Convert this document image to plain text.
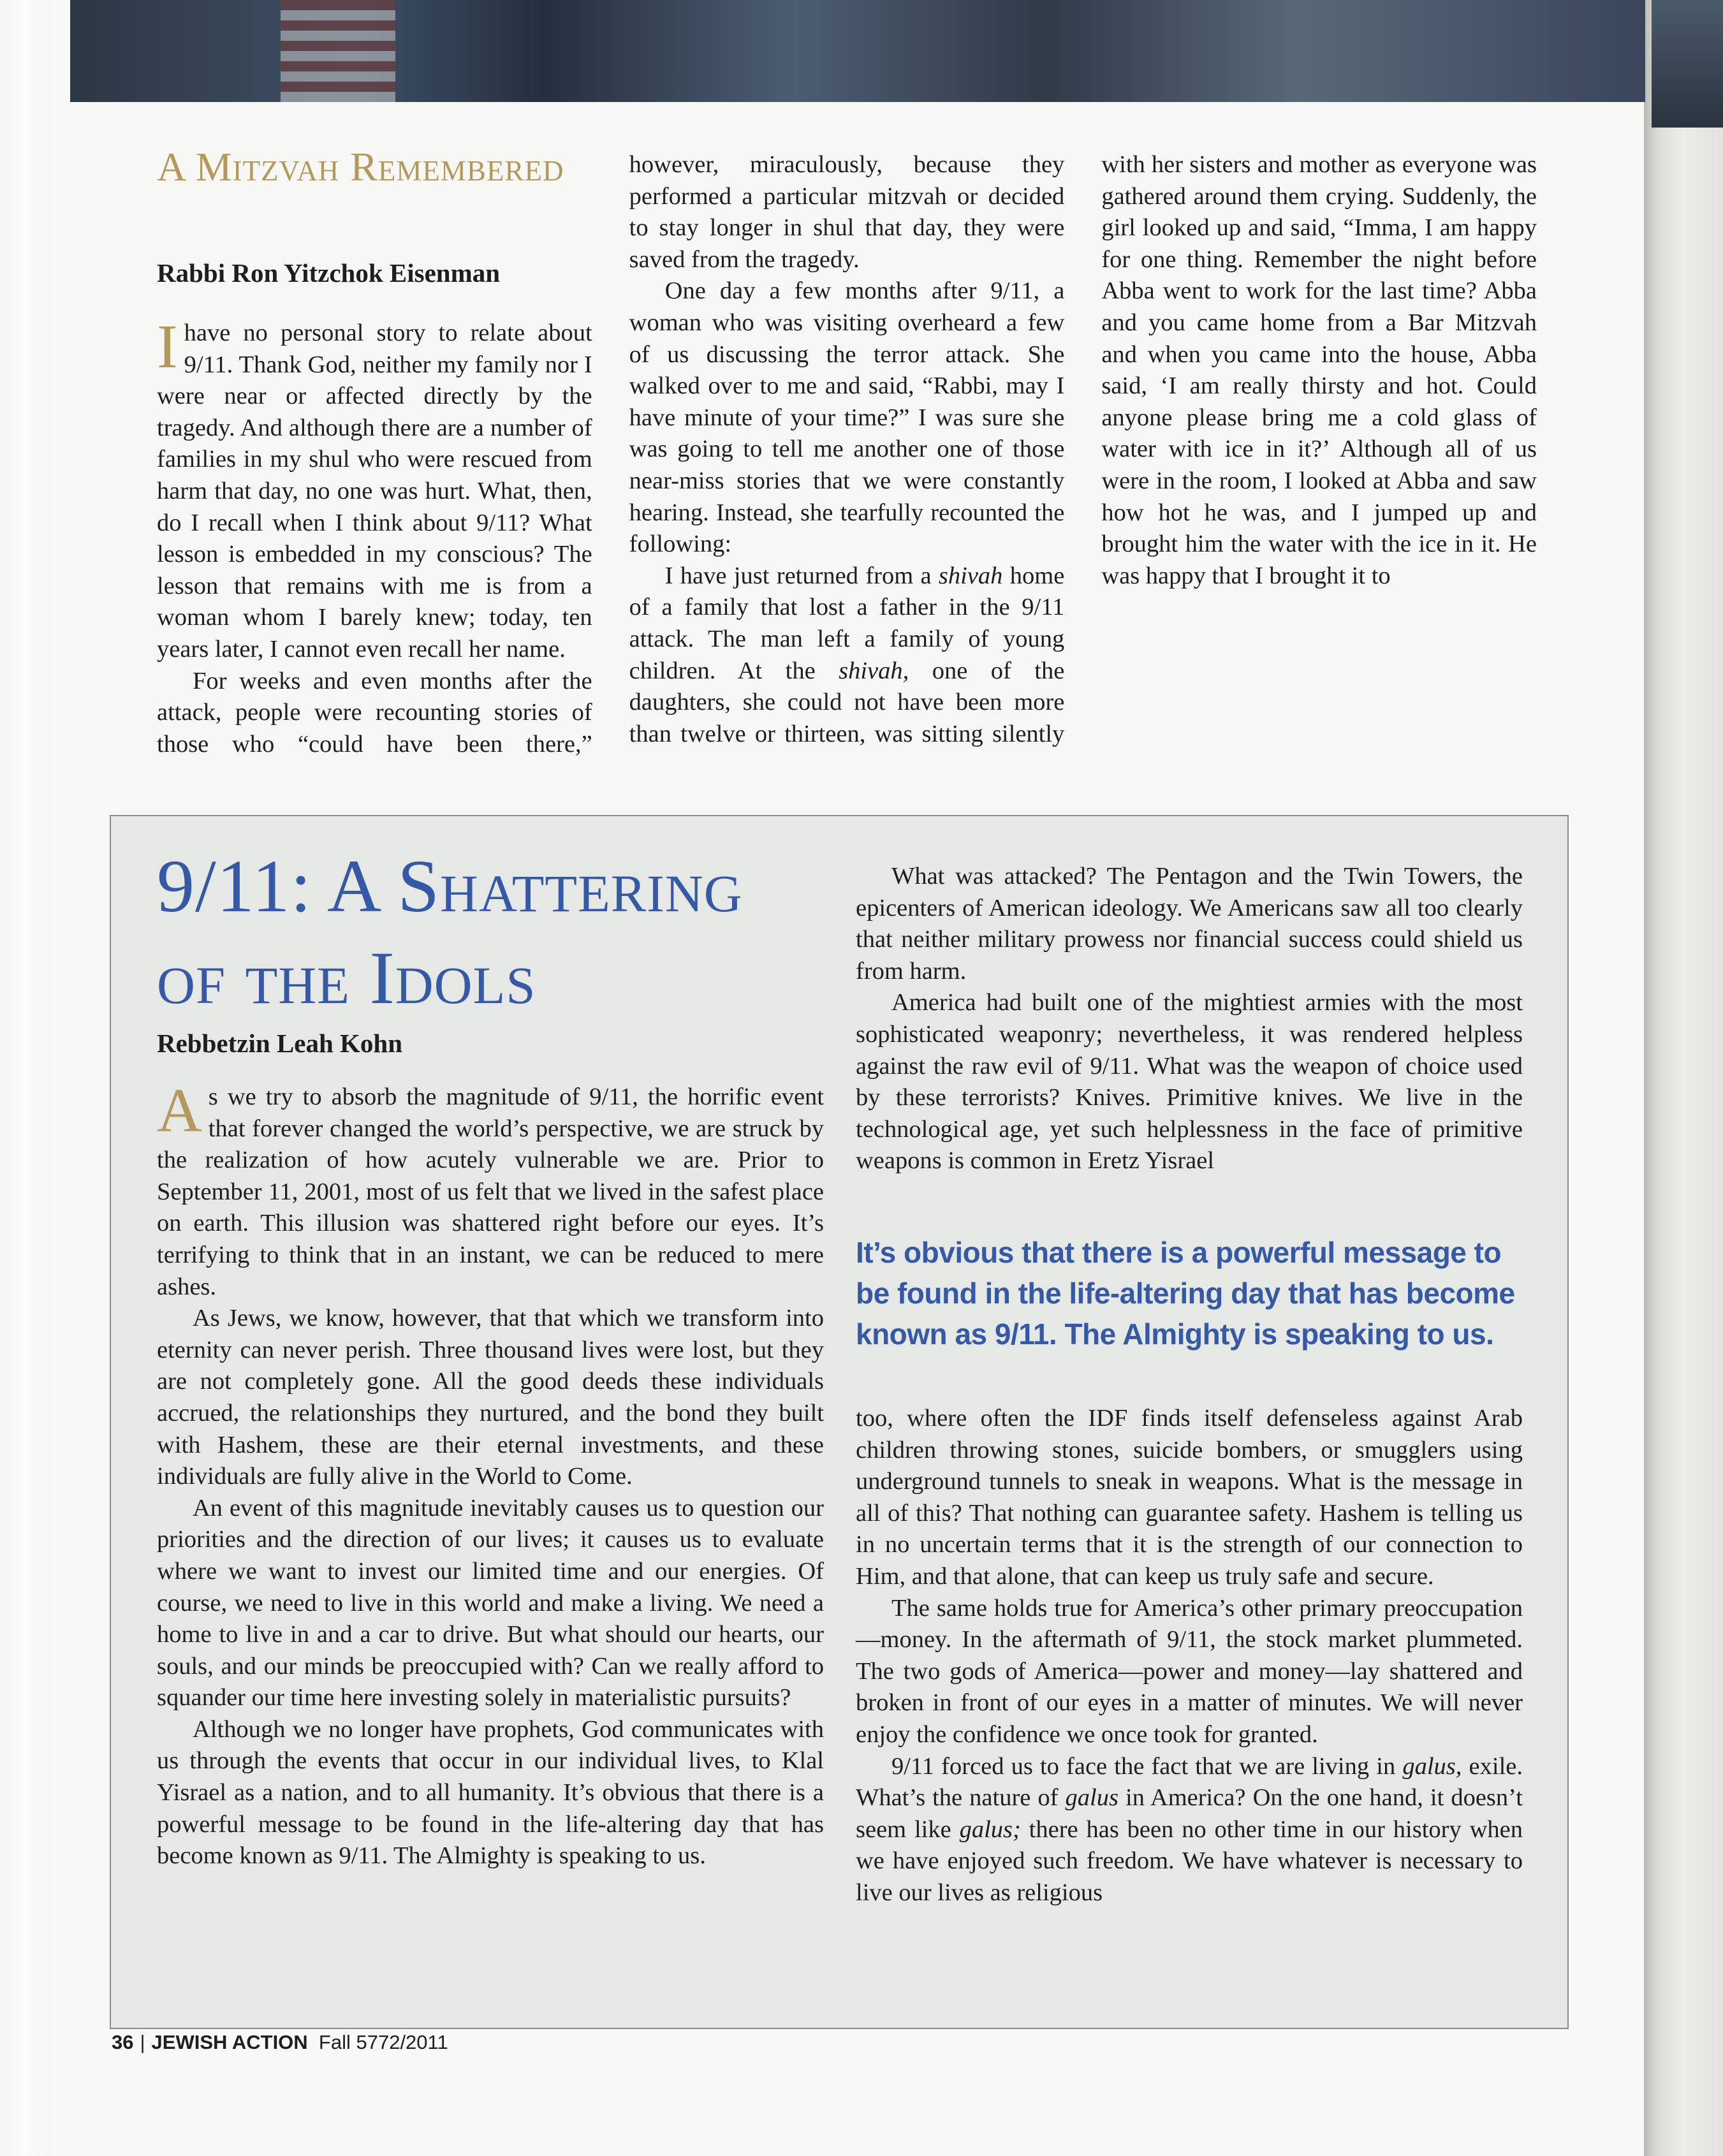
A Mitzvah Remembered
Rabbi Ron Yitzchok Eisenman
9/11: A Shattering
of the Idols
Rebbetzin Leah Kohn
It’s obvious that there is a powerful message to be found in the life-altering day that has become known as 9/11. The Almighty is speaking to us.
36 | JEWISH ACTION Fall 5772/2011

Ihave no personal story to relate about 9/11. Thank God, neither my family nor I were near or affected directly by the tragedy. And although there are a number of families in my shul who were rescued from harm that day, no one was hurt. What, then, do I recall when I think about 9/11? What lesson is embedded in my conscious? The lesson that remains with me is from a woman whom I barely knew; today, ten years later, I cannot even recall her name.

For weeks and even months after the attack, people were recounting stories of those who “could have been there,” however, miraculously, because they performed a particular mitzvah or decided to stay longer in shul that day, they were saved from the tragedy.

One day a few months after 9/11, a woman who was visiting overheard a few of us discussing the terror attack. She walked over to me and said, “Rabbi, may I have minute of your time?” I was sure she was going to tell me another one of those near-miss stories that we were constantly hearing. Instead, she tearfully recounted the following:

I have just returned from a shivah home of a family that lost a father in the 9/11 attack. The man left a family of young children. At the shivah, one of the daughters, she could not have been more than twelve or thirteen, was sitting silently with her sisters and mother as everyone was gathered around them crying. Suddenly, the girl looked up and said, “Imma, I am happy for one thing. Remember the night before Abba went to work for the last time? Abba and you came home from a Bar Mitzvah and when you came into the house, Abba said, ‘I am really thirsty and hot. Could anyone please bring me a cold glass of water with ice in it?’ Although all of us were in the room, I looked at Abba and saw how hot he was, and I jumped up and brought him the water with the ice in it. He was happy that I brought it to

As we try to absorb the magnitude of 9/11, the horrific event that forever changed the world’s perspective, we are struck by the realization of how acutely vulnerable we are. Prior to September 11, 2001, most of us felt that we lived in the safest place on earth. This illusion was shattered right before our eyes. It’s terrifying to think that in an instant, we can be reduced to mere ashes.

As Jews, we know, however, that that which we transform into eternity can never perish. Three thousand lives were lost, but they are not completely gone. All the good deeds these individuals accrued, the relationships they nurtured, and the bond they built with Hashem, these are their eternal investments, and these individuals are fully alive in the World to Come.

An event of this magnitude inevitably causes us to question our priorities and the direction of our lives; it causes us to evaluate where we want to invest our limited time and our energies. Of course, we need to live in this world and make a living. We need a home to live in and a car to drive. But what should our hearts, our souls, and our minds be preoccupied with? Can we really afford to squander our time here investing solely in materialistic pursuits?

Although we no longer have prophets, God communicates with us through the events that occur in our individual lives, to Klal Yisrael as a nation, and to all humanity. It’s obvious that there is a powerful message to be found in the life-altering day that has become known as 9/11. The Almighty is speaking to us.

What was attacked? The Pentagon and the Twin Towers, the epicenters of American ideology. We Americans saw all too clearly that neither military prowess nor financial success could shield us from harm.

America had built one of the mightiest armies with the most sophisticated weaponry; nevertheless, it was rendered helpless against the raw evil of 9/11. What was the weapon of choice used by these terrorists? Knives. Primitive knives. We live in the technological age, yet such helplessness in the face of primitive weapons is common in Eretz Yisrael

too, where often the IDF finds itself defenseless against Arab children throwing stones, suicide bombers, or smugglers using underground tunnels to sneak in weapons. What is the message in all of this? That nothing can guarantee safety. Hashem is telling us in no uncertain terms that it is the strength of our connection to Him, and that alone, that can keep us truly safe and secure.

The same holds true for America’s other primary preoccupation—money. In the aftermath of 9/11, the stock market plummeted. The two gods of America—power and money—lay shattered and broken in front of our eyes in a matter of minutes. We will never enjoy the confidence we once took for granted.

9/11 forced us to face the fact that we are living in galus, exile. What’s the nature of galus in America? On the one hand, it doesn’t seem like galus; there has been no other time in our history when we have enjoyed such freedom. We have whatever is necessary to live our lives as religious
